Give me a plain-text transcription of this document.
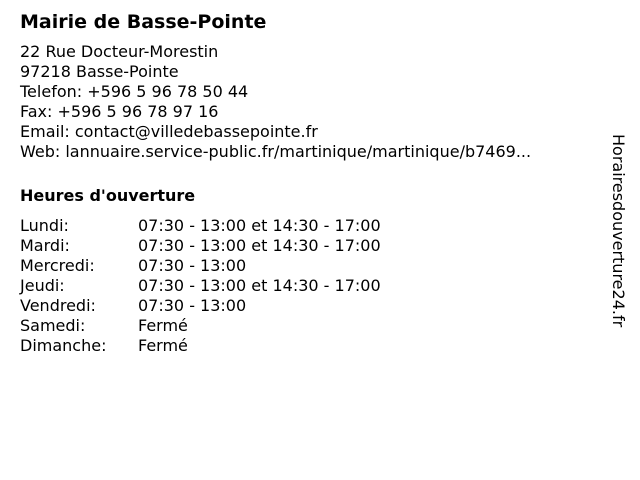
Mairie de Basse-Pointe
22 Rue Docteur-Morestin
97218 Basse-Pointe
Telefon: +596 5 96 78 50 44
Fax: +596 5 96 78 97 16
Email: contact@villedebassepointe.fr
Web: lannuaire.service-public.fr/martinique/martinique/b7469...
Heures d'ouverture
Lundi:	07:30 - 13:00 et 14:30 - 17:00
Mardi:	07:30 - 13:00 et 14:30 - 17:00
Mercredi:	07:30 - 13:00
Jeudi:	07:30 - 13:00 et 14:30 - 17:00
Vendredi:	07:30 - 13:00
Samedi:	Fermé
Dimanche:	Fermé
Horairesdouverture24.fr
